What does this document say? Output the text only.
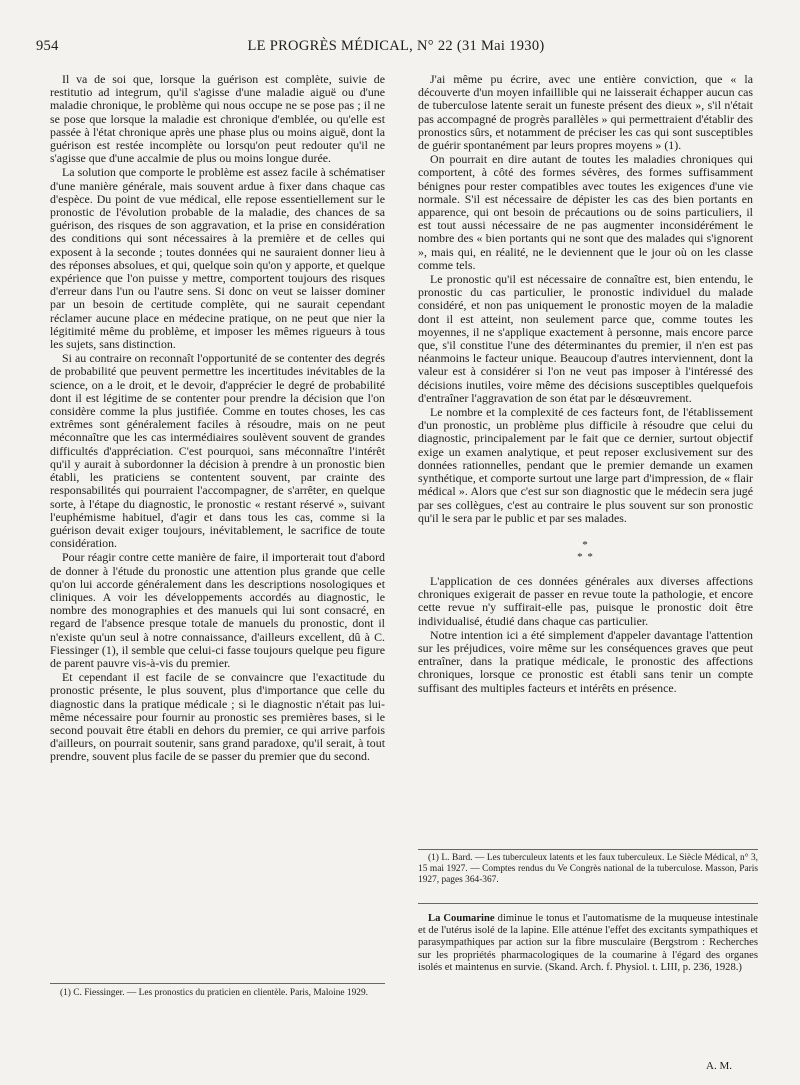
954	LE PROGRÈS MÉDICAL, N° 22 (31 Mai 1930)

Il va de soi que, lorsque la guérison est complète, suivie de restitutio ad integrum, qu'il s'agisse d'une maladie aiguë ou d'une maladie chronique, le problème qui nous occupe ne se pose pas ; il ne se pose que lorsque la maladie est chronique d'emblée, ou qu'elle est passée à l'état chronique après une phase plus ou moins aiguë, dont la guérison est restée incomplète ou lorsqu'on peut redouter qu'il ne s'agisse que d'une accalmie de plus ou moins longue durée.

La solution que comporte le problème est assez facile à schématiser d'une manière générale, mais souvent ardue à fixer dans chaque cas d'espèce. Du point de vue médical, elle repose essentiellement sur le pronostic de l'évolution probable de la maladie, des chances de sa guérison, des risques de son aggravation, et la prise en considération des conditions qui sont nécessaires à la première et de celles qui exposent à la seconde ; toutes données qui ne sauraient donner lieu à des réponses absolues, et qui, quelque soin qu'on y apporte, et quelque expérience que l'on puisse y mettre, comportent toujours des risques d'erreur dans l'un ou l'autre sens. Si donc on veut se laisser dominer par un besoin de certitude complète, qui ne saurait cependant réclamer aucune place en médecine pratique, on ne peut que nier la légitimité même du problème, et imposer les mêmes rigueurs à tous les sujets, sans distinction.

Si au contraire on reconnaît l'opportunité de se contenter des degrés de probabilité que peuvent permettre les incertitudes inévitables de la science, on a le droit, et le devoir, d'apprécier le degré de probabilité dont il est légitime de se contenter pour prendre la décision que l'on considère comme la plus justifiée. Comme en toutes choses, les cas extrêmes sont généralement faciles à résoudre, mais on ne peut méconnaître que les cas intermédiaires soulèvent souvent de grandes difficultés d'appréciation. C'est pourquoi, sans méconnaître l'intérêt qu'il y aurait à subordonner la décision à prendre à un pronostic bien établi, les praticiens se contentent souvent, par crainte des responsabilités qui pourraient l'accompagner, de s'arrêter, en quelque sorte, à l'étape du diagnostic, le pronostic « restant réservé », suivant l'euphémisme habituel, d'agir et dans tous les cas, comme si la guérison devait exiger toujours, inévitablement, le sacrifice de toute considération.

Pour réagir contre cette manière de faire, il importerait tout d'abord de donner à l'étude du pronostic une attention plus grande que celle qu'on lui accorde généralement dans les descriptions nosologiques et cliniques. A voir les développements accordés au diagnostic, le nombre des monographies et des manuels qui lui sont consacré, en regard de l'absence presque totale de manuels du pronostic, dont il n'existe qu'un seul à notre connaissance, d'ailleurs excellent, dû à C. Fiessinger (1), il semble que celui-ci fasse toujours quelque peu figure de parent pauvre vis-à-vis du premier.

Et cependant il est facile de se convaincre que l'exactitude du pronostic présente, le plus souvent, plus d'importance que celle du diagnostic dans la pratique médicale ; si le diagnostic n'était pas lui-même nécessaire pour fournir au pronostic ses premières bases, si le second pouvait être établi en dehors du premier, ce qui arrive parfois d'ailleurs, on pourrait soutenir, sans grand paradoxe, qu'il serait, à tout prendre, souvent plus facile de se passer du premier que du second.

(1) C. Fiessinger. — Les pronostics du praticien en clientèle. Paris, Maloine 1929.

J'ai même pu écrire, avec une entière conviction, que « la découverte d'un moyen infaillible qui ne laisserait échapper aucun cas de tuberculose latente serait un funeste présent des dieux », s'il n'était pas accompagné de progrès parallèles » qui permettraient d'établir des pronostics sûrs, et notamment de préciser les cas qui sont susceptibles de guérir spontanément par leurs propres moyens » (1).

On pourrait en dire autant de toutes les maladies chroniques qui comportent, à côté des formes sévères, des formes suffisamment bénignes pour rester compatibles avec toutes les exigences d'une vie normale. S'il est nécessaire de dépister les cas des bien portants en apparence, qui ont besoin de précautions ou de soins particuliers, il est tout aussi nécessaire de ne pas augmenter inconsidérément le nombre des « bien portants qui ne sont que des malades qui s'ignorent », mais qui, en réalité, ne le deviennent que le jour où on les classe comme tels.

Le pronostic qu'il est nécessaire de connaître est, bien entendu, le pronostic du cas particulier, le pronostic individuel du malade considéré, et non pas uniquement le pronostic moyen de la maladie dont il est atteint, non seulement parce que, comme toutes les moyennes, il ne s'applique exactement à personne, mais encore parce que, s'il constitue l'une des déterminantes du premier, il n'en est pas néanmoins le facteur unique. Beaucoup d'autres interviennent, dont la valeur est à considérer si l'on ne veut pas imposer à l'intéressé des décisions inutiles, voire même des décisions susceptibles quelquefois d'entraîner l'aggravation de son état par le désœuvrement.

Le nombre et la complexité de ces facteurs font, de l'établissement d'un pronostic, un problème plus difficile à résoudre que celui du diagnostic, principalement par le fait que ce dernier, surtout objectif exige un examen analytique, et peut reposer exclusivement sur des données rationnelles, pendant que le premier demande un examen synthétique, et comporte surtout une large part d'impression, de « flair médical ». Alors que c'est sur son diagnostic que le médecin sera jugé par ses collègues, c'est au contraire le plus souvent sur son pronostic qu'il le sera par le public et par ses malades.

*
* *

L'application de ces données générales aux diverses affections chroniques exigerait de passer en revue toute la pathologie, et encore cette revue n'y suffirait-elle pas, puisque le pronostic doit être individualisé, étudié dans chaque cas particulier.

Notre intention ici a été simplement d'appeler davantage l'attention sur les préjudices, voire même sur les conséquences graves que peut entraîner, dans la pratique médicale, le pronostic des affections chroniques, lorsque ce pronostic est établi sans tenir un compte suffisant des multiples facteurs et intérêts en présence.

(1) L. Bard. — Les tuberculeux latents et les faux tuberculeux. Le Siècle Médical, n° 3, 15 mai 1927. — Comptes rendus du Ve Congrès national de la tuberculose. Masson, Paris 1927, pages 364-367.

La Coumarine diminue le tonus et l'automatisme de la muqueuse intestinale et de l'utérus isolé de la lapine. Elle atténue l'effet des excitants sympathiques et parasympathiques par action sur la fibre musculaire (Bergstrom : Recherches sur les propriétés pharmacologiques de la coumarine à l'égard des organes isolés et maintenus en survie. (Skand. Arch. f. Physiol. t. LIII, p. 236, 1928.)

A. M.
